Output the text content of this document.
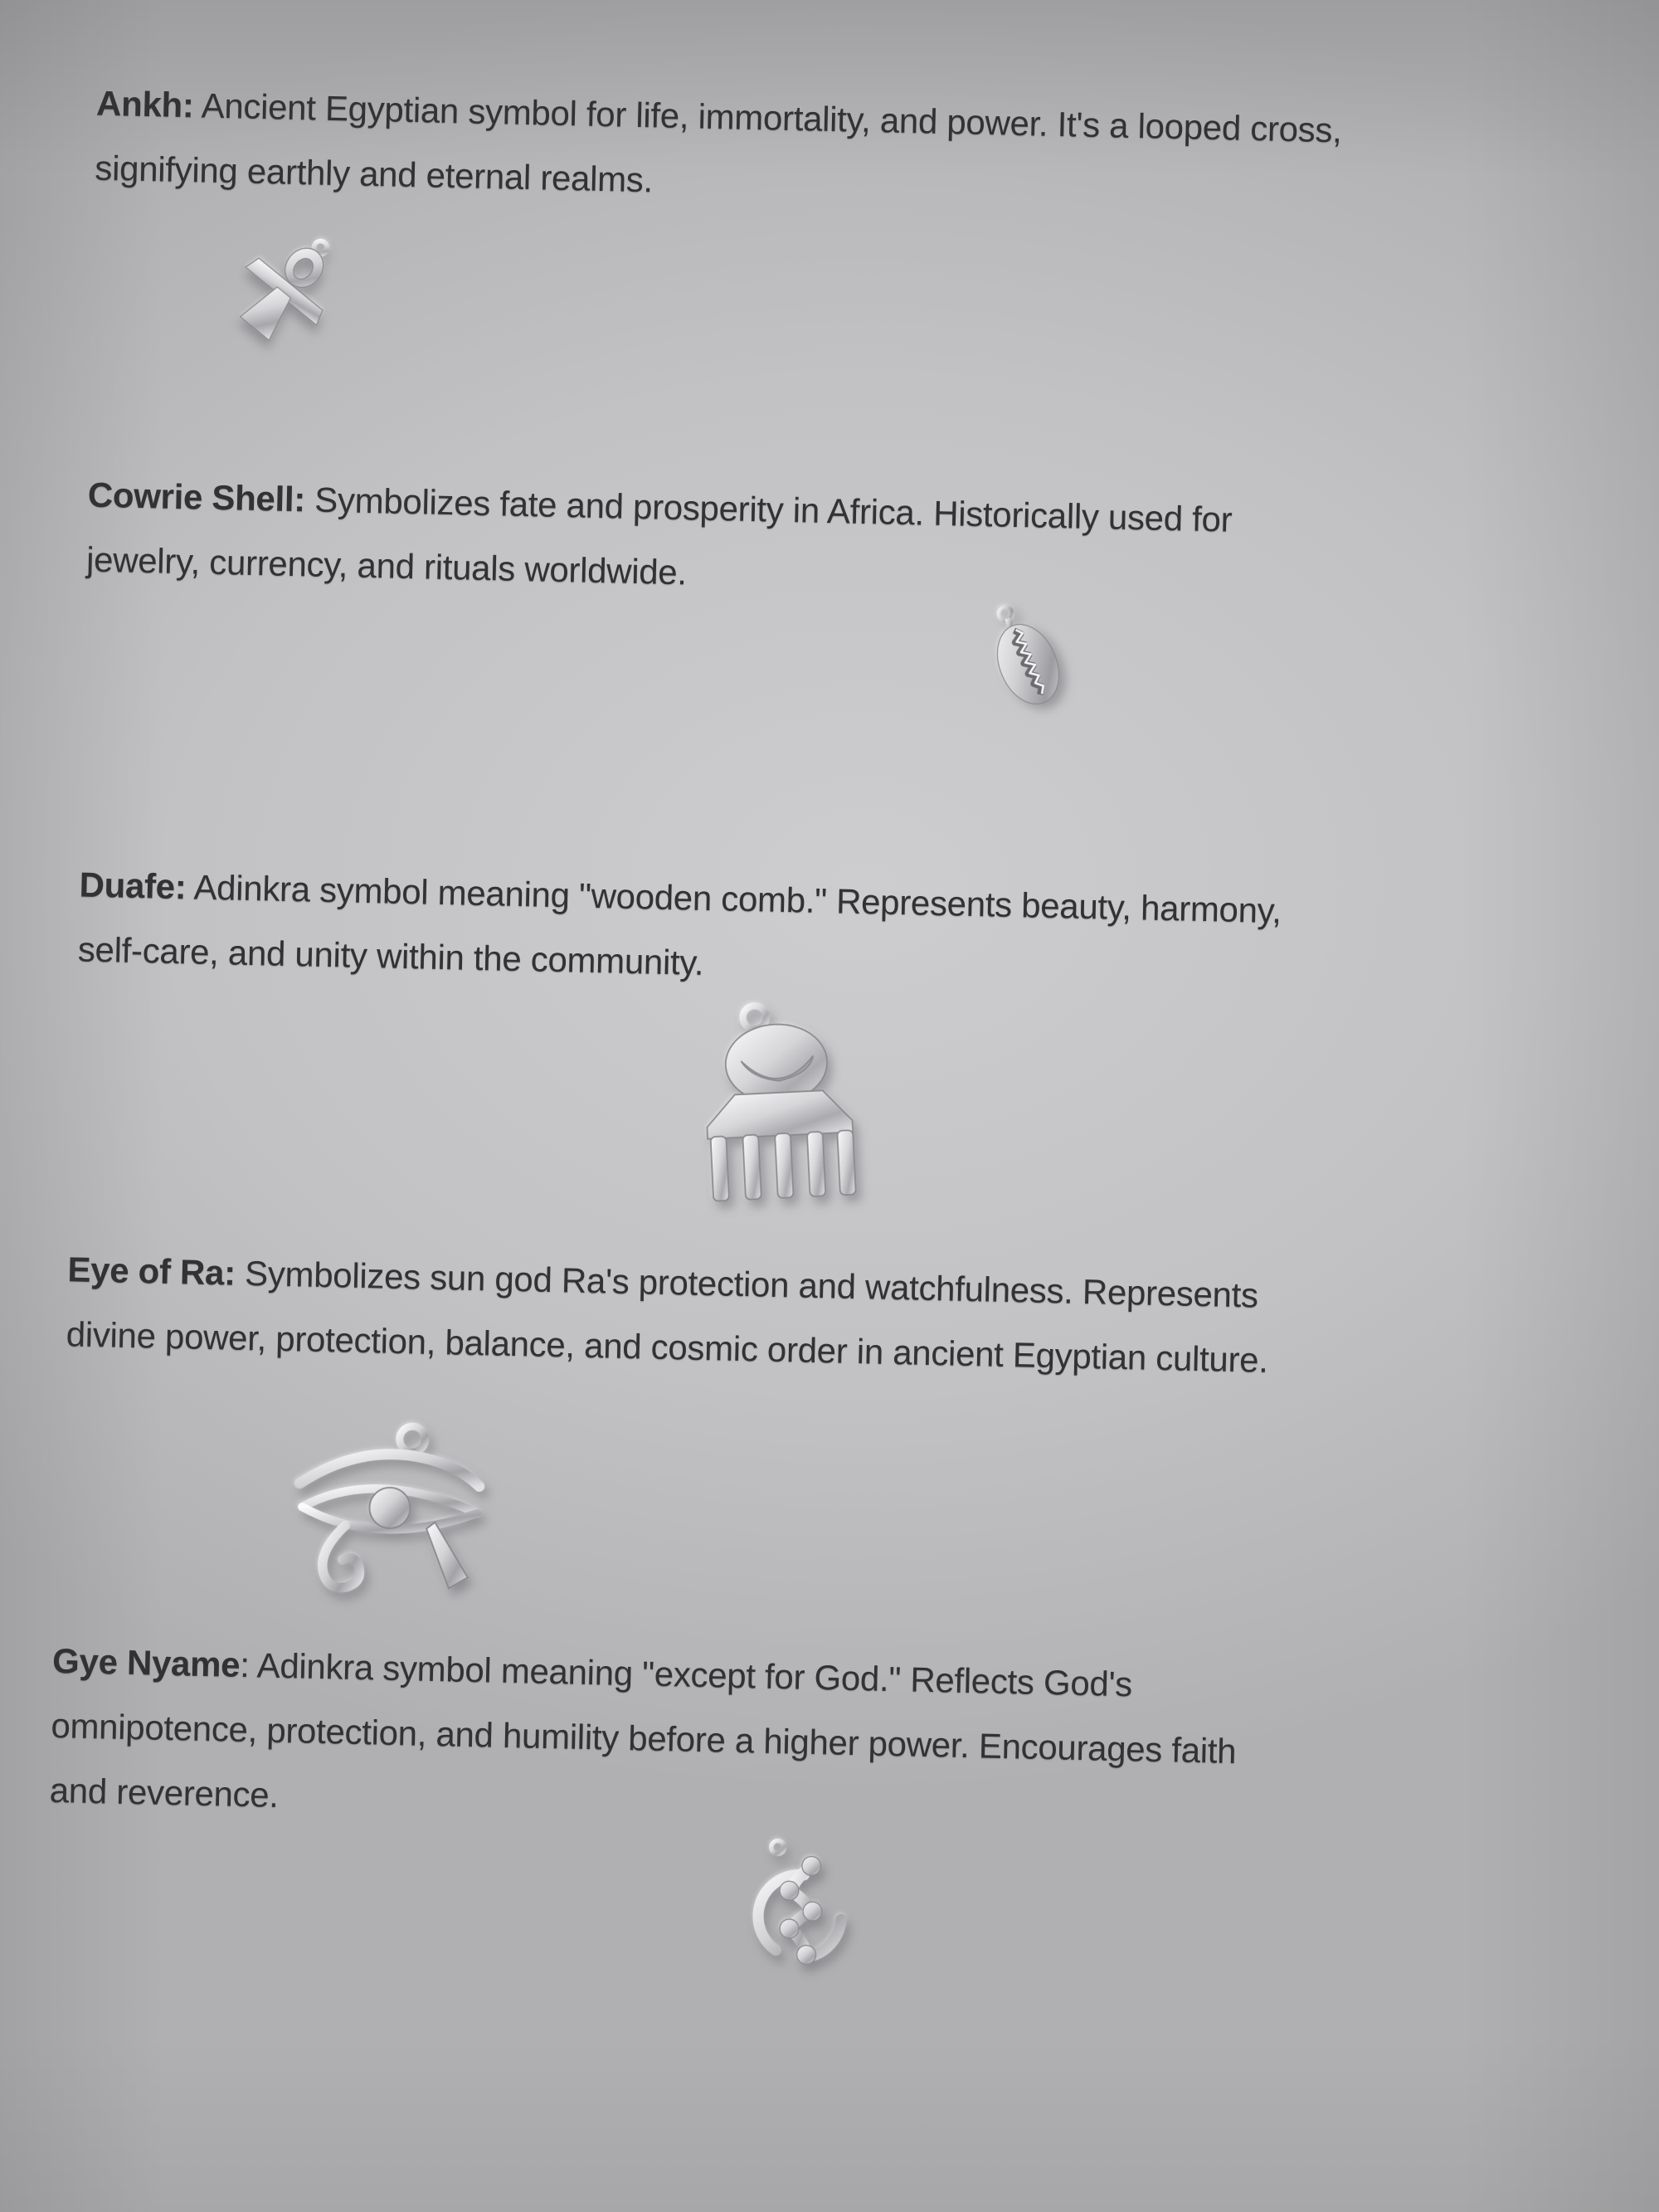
Ankh: Ancient Egyptian symbol for life, immortality, and power. It's a looped cross,
signifying earthly and eternal realms.

Cowrie Shell: Symbolizes fate and prosperity in Africa. Historically used for
jewelry, currency, and rituals worldwide.

Duafe: Adinkra symbol meaning "wooden comb." Represents beauty, harmony,
self-care, and unity within the community.

Eye of Ra: Symbolizes sun god Ra's protection and watchfulness. Represents
divine power, protection, balance, and cosmic order in ancient Egyptian culture.

Gye Nyame: Adinkra symbol meaning "except for God." Reflects God's
omnipotence, protection, and humility before a higher power. Encourages faith
and reverence.
